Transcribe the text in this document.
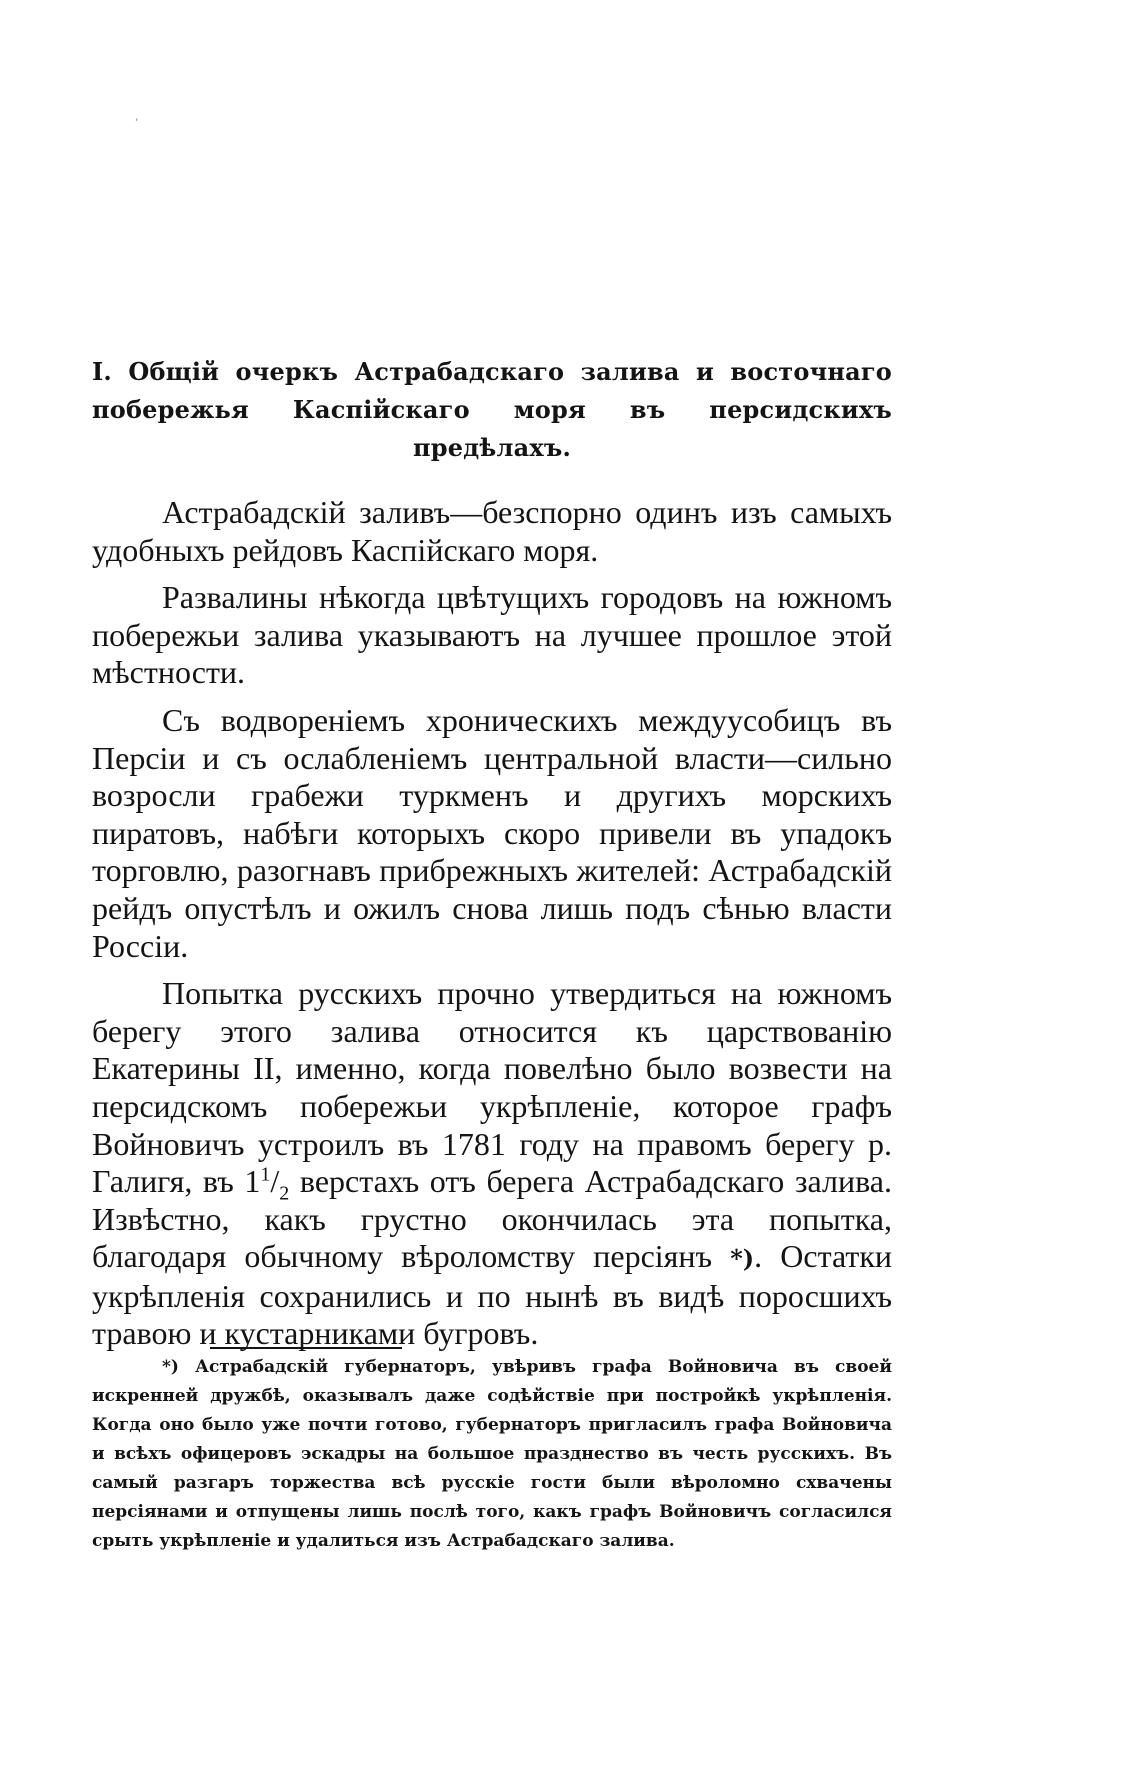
’
I. Общiй очеркъ Астрабадскаго залива и восточнаго побережья Каспiйскаго моря въ персидскихъ предѣлахъ.

Астрабадскiй заливъ—безспорно одинъ изъ самыхъ удобныхъ рейдовъ Каспiйскаго моря.

Развалины нѣкогда цвѣтущихъ городовъ на южномъ побережьи залива указываютъ на лучшее прошлое этой мѣстности.

Съ водворенiемъ хроническихъ междуусобицъ въ Персiи и съ ослабленiемъ центральной власти—сильно возросли грабежи туркменъ и другихъ морскихъ пиратовъ, набѣги которыхъ скоро привели въ упадокъ торговлю, разогнавъ прибрежныхъ жителей: Астрабадскiй рейдъ опустѣлъ и ожилъ снова лишь подъ сѣнью власти Россiи.

Попытка русскихъ прочно утвердиться на южномъ берегу этого залива относится къ царствованiю Екатерины II, именно, когда повелѣно было возвести на персидскомъ побережьи укрѣпленiе, которое графъ Войновичъ устроилъ въ 1781 году на правомъ берегу р. Галигя, въ $1^1/_2$ верстахъ отъ берега Астрабадскаго залива. Извѣстно, какъ грустно окончилась эта попытка, благодаря обычному вѣроломству персiянъ *). Остатки укрѣпленiя сохранились и по нынѣ въ видѣ поросшихъ травою и кустарниками бугровъ.

*) Астрабадскiй губернаторъ, увѣривъ графа Войновича въ своей искренней дружбѣ, оказывалъ даже содѣйствiе при постройкѣ укрѣпленiя. Когда оно было уже почти готово, губернаторъ пригласилъ графа Войновича и всѣхъ офицеровъ эскадры на большое празднество въ честь русскихъ. Въ самый разгаръ торжества всѣ русскiе гости были вѣроломно схвачены персiянами и отпущены лишь послѣ того, какъ графъ Войновичъ согласился срыть укрѣпленiе и удалиться изъ Астрабадскаго залива.
